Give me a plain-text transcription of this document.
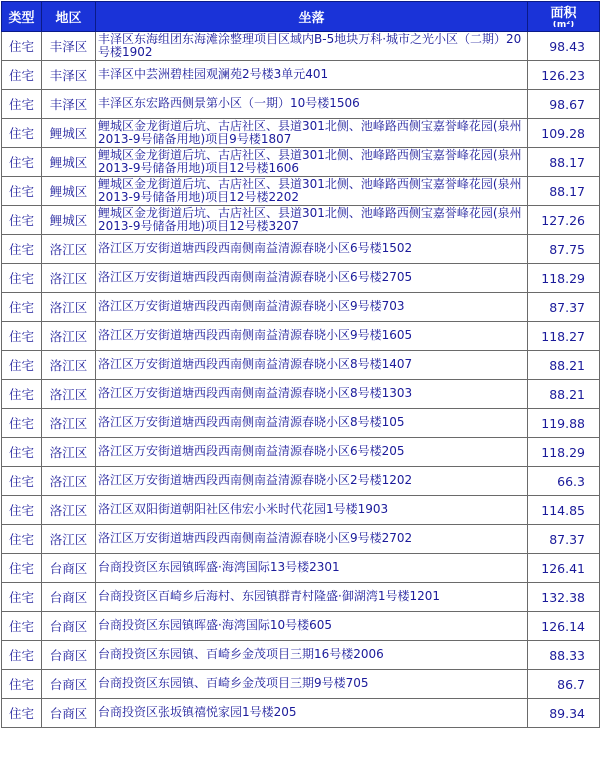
类型	地区	坐落	面积
(m²)

住宅	丰泽区	丰泽区东海组团东海滩涂整理项目区域内B-5地块万科·城市之光小区（二期）20号楼1902	98.43
住宅	丰泽区	丰泽区中芸洲碧桂园观澜苑2号楼3单元401	126.23
住宅	丰泽区	丰泽区东宏路西侧景第小区（一期）10号楼1506	98.67
住宅	鲤城区	鲤城区金龙街道后坑、古店社区、县道301北侧、池峰路西侧宝嘉誉峰花园(泉州2013-9号储备用地)项目9号楼1807	109.28
住宅	鲤城区	鲤城区金龙街道后坑、古店社区、县道301北侧、池峰路西侧宝嘉誉峰花园(泉州2013-9号储备用地)项目12号楼1606	88.17
住宅	鲤城区	鲤城区金龙街道后坑、古店社区、县道301北侧、池峰路西侧宝嘉誉峰花园(泉州2013-9号储备用地)项目12号楼2202	88.17
住宅	鲤城区	鲤城区金龙街道后坑、古店社区、县道301北侧、池峰路西侧宝嘉誉峰花园(泉州2013-9号储备用地)项目12号楼3207	127.26
住宅	洛江区	洛江区万安街道塘西段西南侧南益清源春晓小区6号楼1502	87.75
住宅	洛江区	洛江区万安街道塘西段西南侧南益清源春晓小区6号楼2705	118.29
住宅	洛江区	洛江区万安街道塘西段西南侧南益清源春晓小区9号楼703	87.37
住宅	洛江区	洛江区万安街道塘西段西南侧南益清源春晓小区9号楼1605	118.27
住宅	洛江区	洛江区万安街道塘西段西南侧南益清源春晓小区8号楼1407	88.21
住宅	洛江区	洛江区万安街道塘西段西南侧南益清源春晓小区8号楼1303	88.21
住宅	洛江区	洛江区万安街道塘西段西南侧南益清源春晓小区8号楼105	119.88
住宅	洛江区	洛江区万安街道塘西段西南侧南益清源春晓小区6号楼205	118.29
住宅	洛江区	洛江区万安街道塘西段西南侧南益清源春晓小区2号楼1202	66.3
住宅	洛江区	洛江区双阳街道朝阳社区伟宏小米时代花园1号楼1903	114.85
住宅	洛江区	洛江区万安街道塘西段西南侧南益清源春晓小区9号楼2702	87.37
住宅	台商区	台商投资区东园镇晖盛·海湾国际13号楼2301	126.41
住宅	台商区	台商投资区百崎乡后海村、东园镇群青村隆盛·御湖湾1号楼1201	132.38
住宅	台商区	台商投资区东园镇晖盛·海湾国际10号楼605	126.14
住宅	台商区	台商投资区东园镇、百崎乡金茂项目三期16号楼2006	88.33
住宅	台商区	台商投资区东园镇、百崎乡金茂项目三期9号楼705	86.7
住宅	台商区	台商投资区张坂镇禧悦家园1号楼205	89.34
